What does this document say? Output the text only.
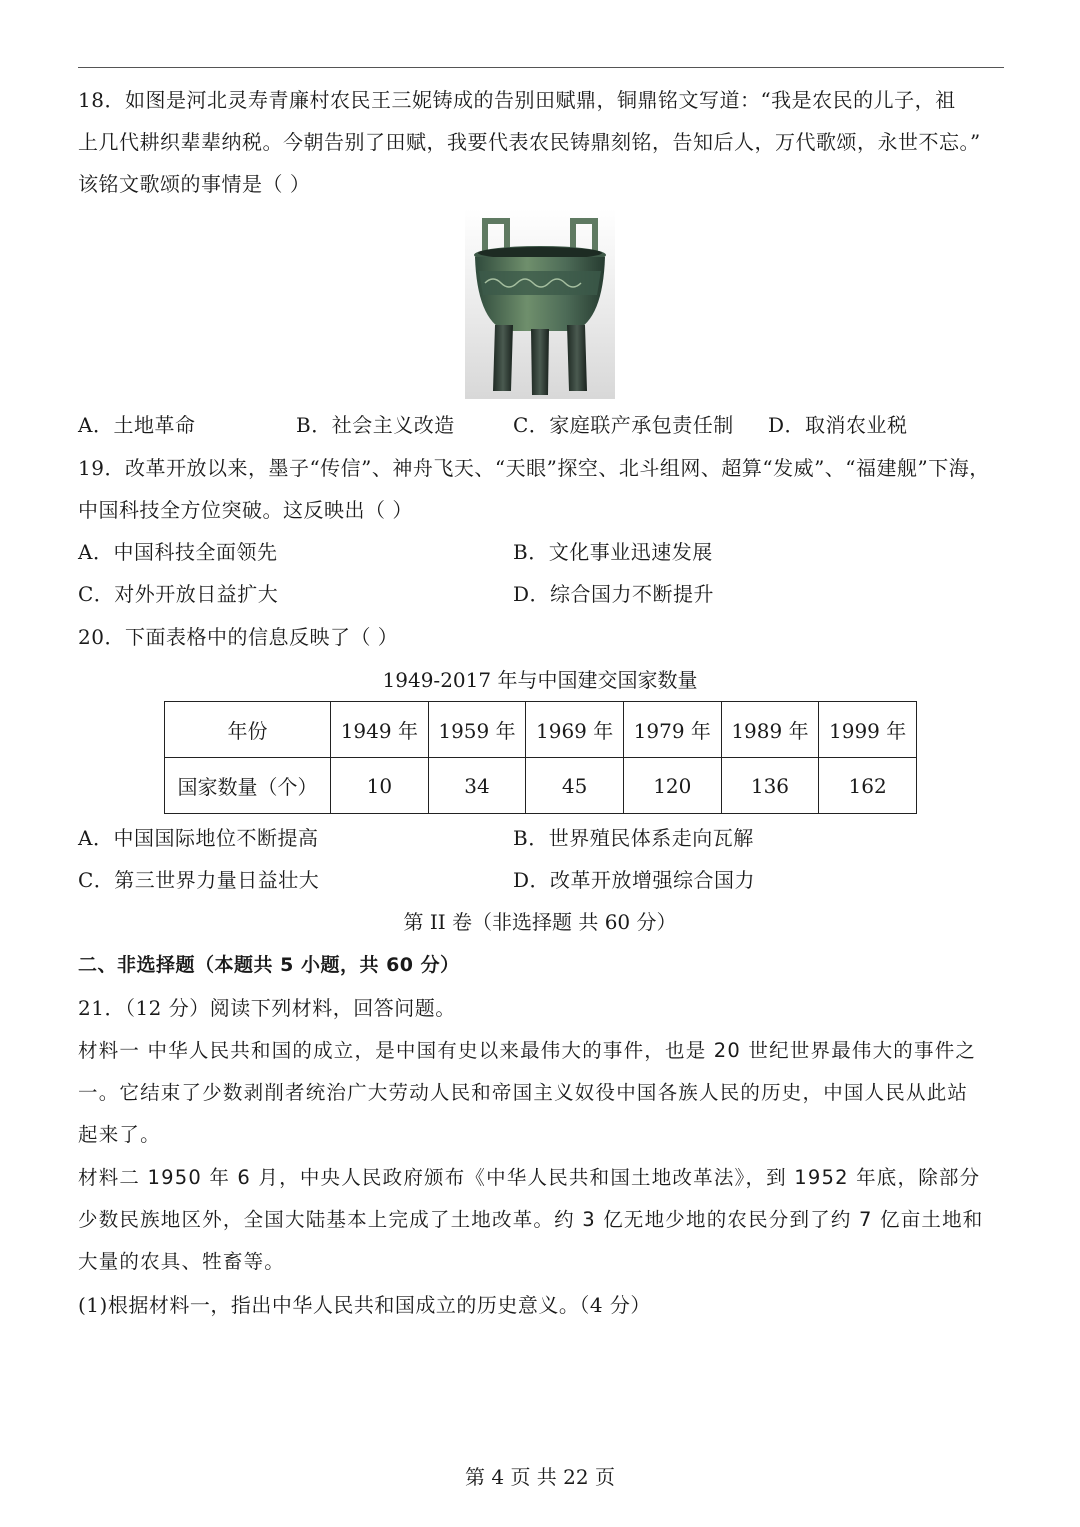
18．如图是河北灵寿青廉村农民王三妮铸成的告别田赋鼎，铜鼎铭文写道：“我是农民的儿子，祖
上几代耕织辈辈纳税。今朝告别了田赋，我要代表农民铸鼎刻铭，告知后人，万代歌颂，永世不忘。”
该铭文歌颂的事情是（ ）
A．土地革命	B．社会主义改造	C．家庭联产承包责任制 D．取消农业税
19．改革开放以来，墨子“传信”、神舟飞天、“天眼”探空、北斗组网、超算“发威”、“福建舰”下海，
中国科技全方位突破。这反映出（ ）
A．中国科技全面领先	B．文化事业迅速发展
C．对外开放日益扩大	D．综合国力不断提升
20．下面表格中的信息反映了（ ）
1949-2017 年与中国建交国家数量
年份	1949 年	1959 年	1969 年	1979 年	1989 年	1999 年
国家数量（个）	10	34	45	120	136	162
A．中国国际地位不断提高	B．世界殖民体系走向瓦解
C．第三世界力量日益壮大	D．改革开放增强综合国力
第 II 卷（非选择题 共 60 分）
二、非选择题（本题共 5 小题，共 60 分）
21．（12 分）阅读下列材料，回答问题。
材料一 中华人民共和国的成立，是中国有史以来最伟大的事件，也是 20 世纪世界最伟大的事件之
一。它结束了少数剥削者统治广大劳动人民和帝国主义奴役中国各族人民的历史，中国人民从此站
起来了。
材料二 1950 年 6 月，中央人民政府颁布《中华人民共和国土地改革法》，到 1952 年底，除部分
少数民族地区外，全国大陆基本上完成了土地改革。约 3 亿无地少地的农民分到了约 7 亿亩土地和
大量的农具、牲畜等。
(1)根据材料一，指出中华人民共和国成立的历史意义。（4 分）
第 4 页 共 22 页
